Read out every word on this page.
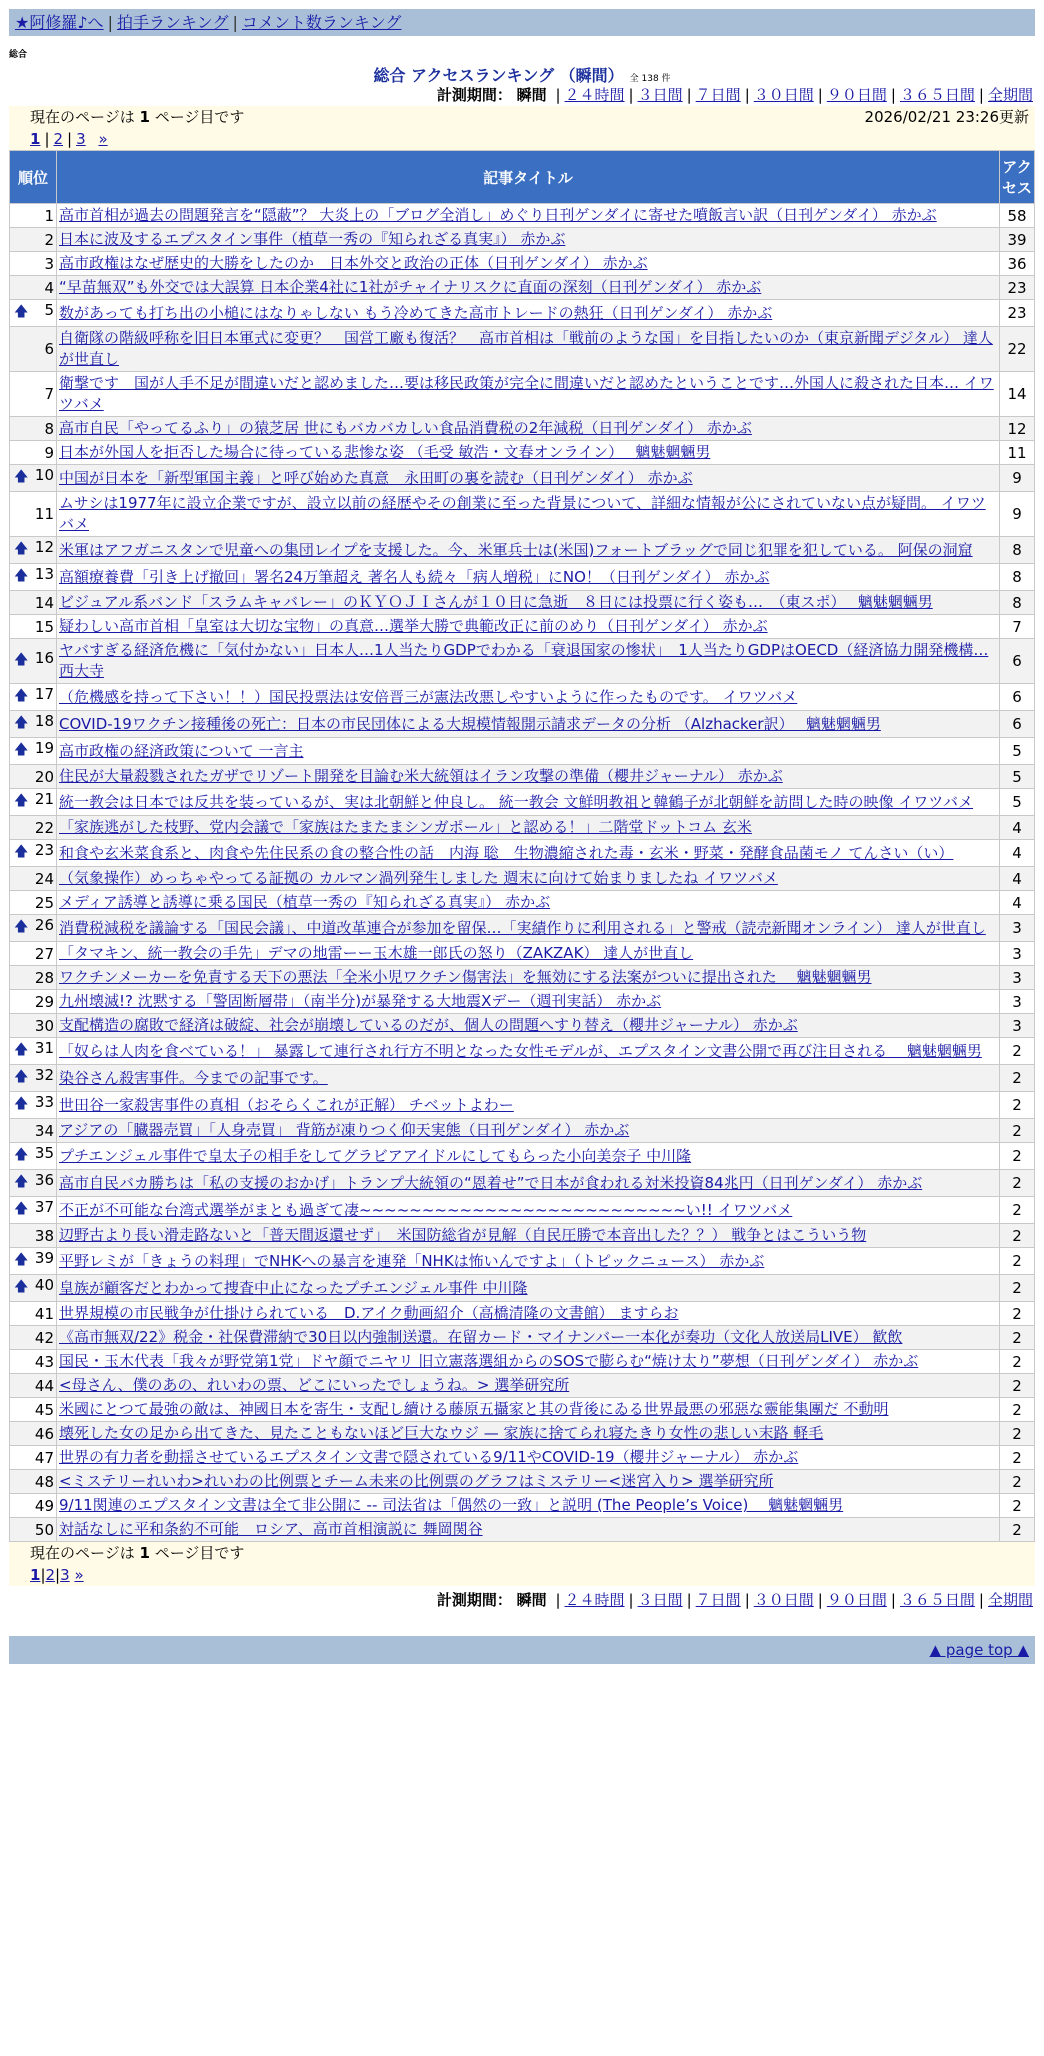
★阿修羅♪へ | 拍手ランキング | コメント数ランキング
総合
総合 アクセスランキング （瞬間） 全 138 件
計測期間： 瞬間 | ２４時間 | ３日間 | ７日間 | ３０日間 | ９０日間 | ３６５日間 | 全期間
現在のページは 1 ページ目です	2026/02/21 23:26更新
1 | 2 | 3 »
順位	記事タイトル	アクセス
1	高市首相が過去の問題発言を“隠蔽”？ 大炎上の「ブログ全消し」めぐり日刊ゲンダイに寄せた噴飯言い訳（日刊ゲンダイ） 赤かぶ	58
2	日本に波及するエプスタイン事件（植草一秀の『知られざる真実』） 赤かぶ	39
3	高市政権はなぜ歴史的大勝をしたのか　日本外交と政治の正体（日刊ゲンダイ） 赤かぶ	36
4	“早苗無双”も外交では大誤算 日本企業4社に1社がチャイナリスクに直面の深刻（日刊ゲンダイ） 赤かぶ	23

🡅 5	数があっても打ち出の小槌にはなりゃしない もう冷めてきた高市トレードの熱狂（日刊ゲンダイ） 赤かぶ	23
6	自衛隊の階級呼称を旧日本軍式に変更？　国営工廠も復活？　高市首相は「戦前のような国」を目指したいのか（東京新聞デジタル） 達人が世直し	22
7	衛撃です　国が人手不足が間違いだと認めました…要は移民政策が完全に間違いだと認めたということです…外国人に殺された日本… イワツバメ	14
8	高市自民「やってるふり」の猿芝居 世にもバカバカしい食品消費税の2年減税（日刊ゲンダイ） 赤かぶ	12
9	日本が外国人を拒否した場合に待っている悲惨な姿 （毛受 敏浩・文春オンライン）　 魑魅魍魎男	11

🡅 10	中国が日本を「新型軍国主義」と呼び始めた真意　永田町の裏を読む（日刊ゲンダイ） 赤かぶ	9
11	ムサシは1977年に設立企業ですが、設立以前の経歴やその創業に至った背景について、詳細な情報が公にされていない点が疑問。 イワツバメ	9

🡅 12	米軍はアフガニスタンで児童への集団レイプを支援した。今、米軍兵士は(米国)フォートブラッグで同じ犯罪を犯している。 阿保の洞窟	8

🡅 13	高額療養費「引き上げ撤回」署名24万筆超え 著名人も続々「病人増税」にNO！（日刊ゲンダイ） 赤かぶ	8
14	ビジュアル系バンド「スラムキャバレー」のＫＹＯＪＩさんが１０日に急逝　８日には投票に行く姿も…　（東スポ）　 魑魅魍魎男	8
15	疑わしい高市首相「皇室は大切な宝物」の真意…選挙大勝で典範改正に前のめり（日刊ゲンダイ） 赤かぶ	7

🡅 16	ヤバすぎる経済危機に「気付かない」日本人…1人当たりGDPでわかる「衰退国家の惨状」　1人当たりGDPはOECD（経済協力開発機構… 西大寺	6

🡅 17	（危機感を持って下さい！！）国民投票法は安倍晋三が憲法改悪しやすいように作ったものです。 イワツバメ	6

🡅 18	COVID-19ワクチン接種後の死亡：日本の市民団体による大規模情報開示請求データの分析 （Alzhacker訳）　 魑魅魍魎男	6

🡅 19	高市政権の経済政策について 一言主	5
20	住民が大量殺戮されたガザでリゾート開発を目論む米大統領はイラン攻撃の準備（櫻井ジャーナル） 赤かぶ	5

🡅 21	統一教会は日本では反共を装っているが、実は北朝鮮と仲良し。 統一教会 文鮮明教祖と韓鶴子が北朝鮮を訪問した時の映像 イワツバメ	5
22	「家族逃がした枝野、党内会議で「家族はたまたまシンガポール」と認める！」二階堂ドットコム 玄米	4

🡅 23	和食や玄米菜食系と、肉食や先住民系の食の整合性の話　内海 聡　生物濃縮された毒・玄米・野菜・発酵食品菌モノ てんさい（い）	4
24	（気象操作）めっちゃやってる証拠の カルマン渦列発生しました 週末に向けて始まりましたね イワツバメ	4
25	メディア誘導と誘導に乗る国民（植草一秀の『知られざる真実』） 赤かぶ	4

🡅 26	消費税減税を議論する「国民会議」、中道改革連合が参加を留保…「実績作りに利用される」と警戒（読売新聞オンライン） 達人が世直し	3
27	「タマキン、統一教会の手先」デマの地雷ーー玉木雄一郎氏の怒り（ZAKZAK） 達人が世直し	3
28	ワクチンメーカーを免責する天下の悪法「全米小児ワクチン傷害法」を無効にする法案がついに提出された　 魑魅魍魎男	3
29	九州壊滅!? 沈黙する「警固断層帯」（南半分)が暴発する大地震Xデー（週刊実話） 赤かぶ	3
30	支配構造の腐敗で経済は破綻、社会が崩壊しているのだが、個人の問題へすり替え（櫻井ジャーナル） 赤かぶ	3

🡅 31	「奴らは人肉を食べている！」 暴露して連行され行方不明となった女性モデルが、エプスタイン文書公開で再び注目される　 魑魅魍魎男	2

🡅 32	染谷さん殺害事件。今までの記事です。	2

🡅 33	世田谷一家殺害事件の真相（おそらくこれが正解） チベットよわー	2
34	アジアの「臓器売買」「人身売買」 背筋が凍りつく仰天実態（日刊ゲンダイ） 赤かぶ	2

🡅 35	プチエンジェル事件で皇太子の相手をしてグラビアアイドルにしてもらった小向美奈子 中川隆	2

🡅 36	高市自民バカ勝ちは「私の支援のおかげ」トランプ大統領の“恩着せ”で日本が食われる対米投資84兆円（日刊ゲンダイ） 赤かぶ	2

🡅 37	不正が不可能な台湾式選挙がまとも過ぎて凄~~~~~~~~~~~~~~~~~~~~~~~~~~い!! イワツバメ	2
38	辺野古より長い滑走路ないと「普天間返還せず」　米国防総省が見解（自民圧勝で本音出した？？） 戦争とはこういう物	2

🡅 39	平野レミが「きょうの料理」でNHKへの暴言を連発「NHKは怖いんですよ」（トピックニュース） 赤かぶ	2

🡅 40	皇族が顧客だとわかって捜査中止になったプチエンジェル事件 中川隆	2
41	世界規模の市民戦争が仕掛けられている　D.アイク動画紹介（高橋清隆の文書館） ますらお	2
42	《高市無双/22》税金・社保費滞納で30日以内強制送還。在留カード・マイナンバー一本化が奏功（文化人放送局LIVE） 歓飲	2
43	国民・玉木代表「我々が野党第1党」ドヤ顔でニヤリ 旧立憲落選組からのSOSで膨らむ“焼け太り”夢想（日刊ゲンダイ） 赤かぶ	2
44	<母さん、僕のあの、れいわの票、どこにいったでしょうね。> 選挙研究所	2
45	米國にとつて最強の敵は、神國日本を寄生・支配し續ける藤原五攝家と其の背後にゐる世界最悪の邪惡な靈能集團だ 不動明	2
46	壊死した女の足から出てきた、見たこともないほど巨大なウジ — 家族に捨てられ寝たきり女性の悲しい末路 軽毛	2
47	世界の有力者を動揺させているエプスタイン文書で隠されている9/11やCOVID-19（櫻井ジャーナル） 赤かぶ	2
48	<ミステリーれいわ>れいわの比例票とチーム未来の比例票のグラフはミステリー<迷宮入り> 選挙研究所	2
49	9/11関連のエプスタイン文書は全て非公開に -- 司法省は「偶然の一致」と説明 (The People’s Voice)　 魑魅魍魎男	2
50	対話なしに平和条約不可能　ロシア、高市首相演説に 舞岡関谷	2
現在のページは 1 ページ目です
1|2|3 »
計測期間： 瞬間 | ２４時間 | ３日間 | ７日間 | ３０日間 | ９０日間 | ３６５日間 | 全期間
▲ page top ▲
